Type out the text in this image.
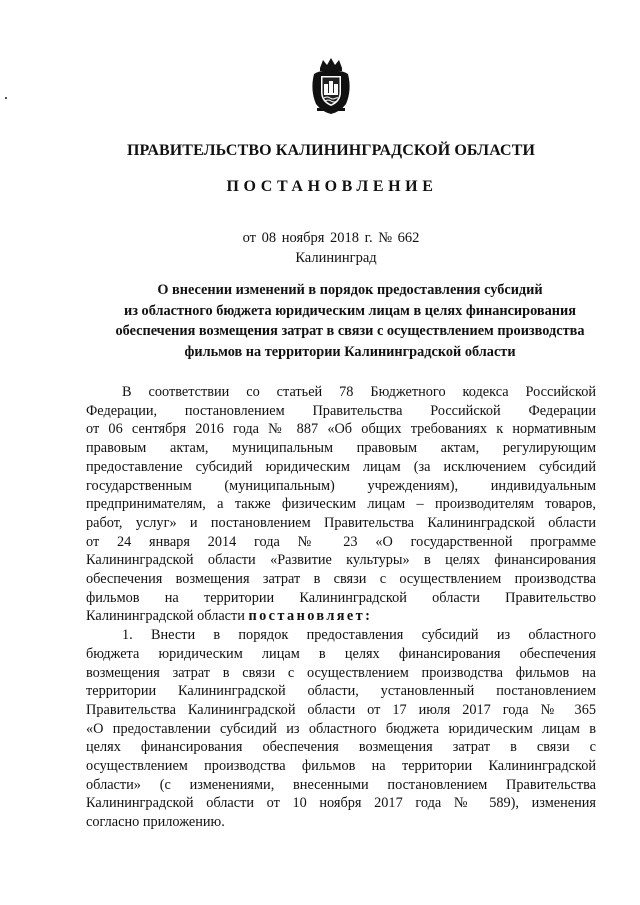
ПРАВИТЕЛЬСТВО КАЛИНИНГРАДСКОЙ ОБЛАСТИ
ПОСТАНОВЛЕНИЕ
от 08 ноября 2018 г. № 662
Калининград
О внесении изменений в порядок предоставления субсидий
из областного бюджета юридическим лицам в целях финансирования
обеспечения возмещения затрат в связи с осуществлением производства
фильмов на территории Калининградской области
В соответствии со статьей 78 Бюджетного кодекса Российской
Федерации, постановлением Правительства Российской Федерации
от 06 сентября 2016 года № 887 «Об общих требованиях к нормативным
правовым актам, муниципальным правовым актам, регулирующим
предоставление субсидий юридическим лицам (за исключением субсидий
государственным (муниципальным) учреждениям), индивидуальным
предпринимателям, а также физическим лицам – производителям товаров,
работ, услуг» и постановлением Правительства Калининградской области
от 24 января 2014 года № 23 «О государственной программе
Калининградской области «Развитие культуры» в целях финансирования
обеспечения возмещения затрат в связи с осуществлением производства
фильмов на территории Калининградской области Правительство
Калининградской области постановляет:
1. Внести в порядок предоставления субсидий из областного
бюджета юридическим лицам в целях финансирования обеспечения
возмещения затрат в связи с осуществлением производства фильмов на
территории Калининградской области, установленный постановлением
Правительства Калининградской области от 17 июля 2017 года № 365
«О предоставлении субсидий из областного бюджета юридическим лицам в
целях финансирования обеспечения возмещения затрат в связи с
осуществлением производства фильмов на территории Калининградской
области» (с изменениями, внесенными постановлением Правительства
Калининградской области от 10 ноября 2017 года № 589), изменения
согласно приложению.
